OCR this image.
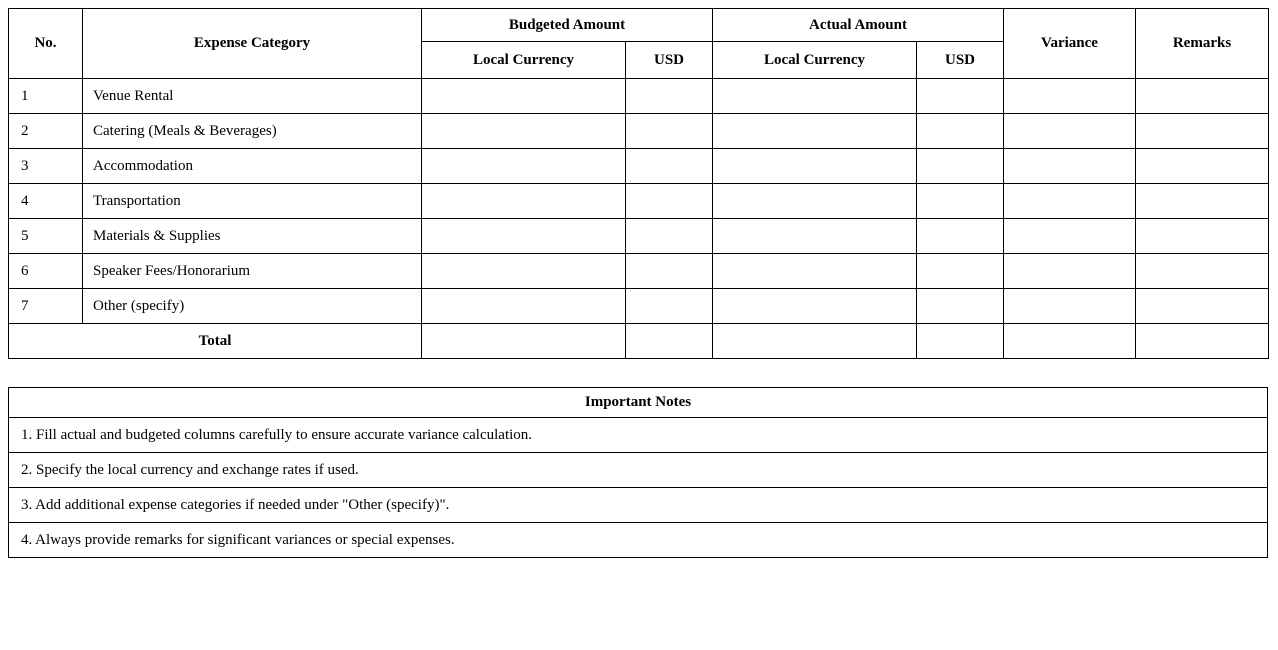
No.	Expense Category	Budgeted Amount		Actual Amount		Variance	Remarks
		Local Currency	USD	Local Currency	USD		
1	Venue Rental						
2	Catering (Meals & Beverages)						
3	Accommodation						
4	Transportation						
5	Materials & Supplies						
6	Speaker Fees/Honorarium						
7	Other (specify)						
Total							
Important Notes
1. Fill actual and budgeted columns carefully to ensure accurate variance calculation.
2. Specify the local currency and exchange rates if used.
3. Add additional expense categories if needed under "Other (specify)".
4. Always provide remarks for significant variances or special expenses.
